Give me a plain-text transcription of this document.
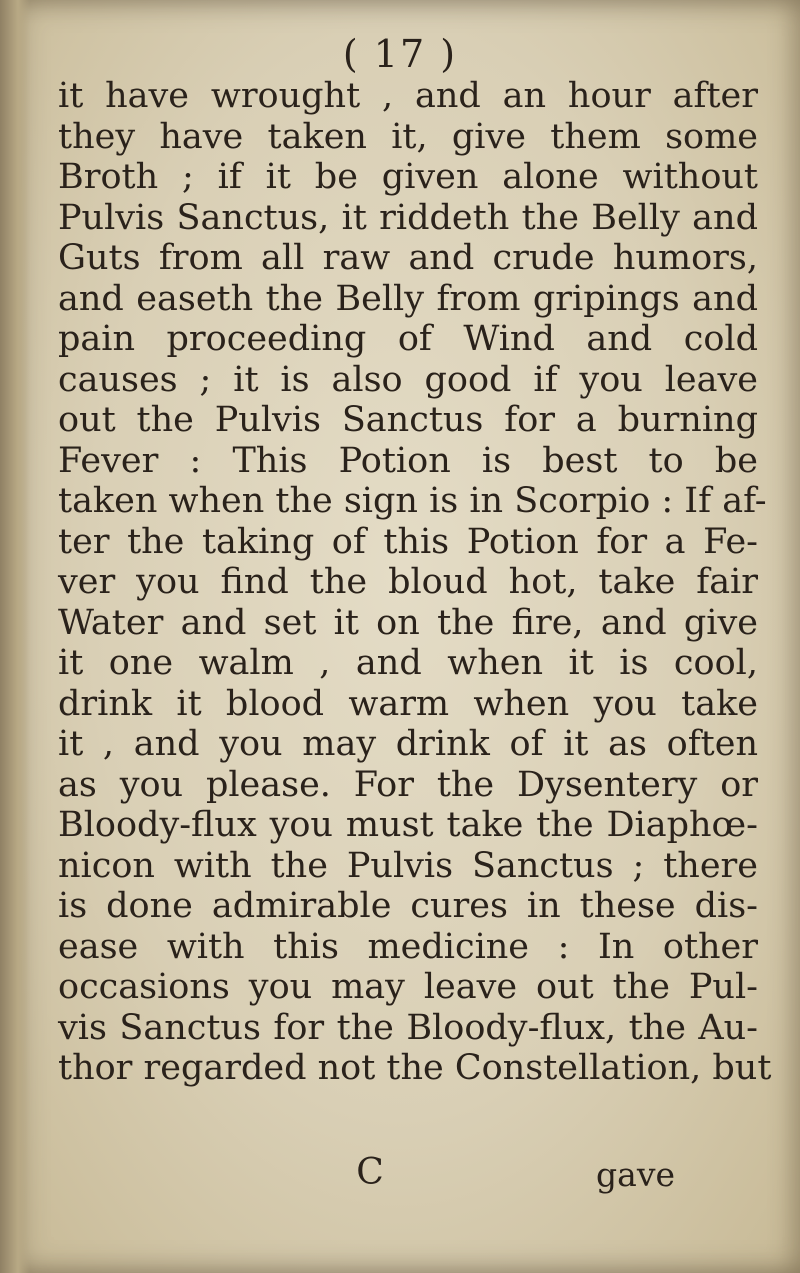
( 17 )
it have wrought , and an hour after
they have taken it, give them some
Broth ; if it be given alone without
Pulvis Sanctus, it riddeth the Belly and
Guts from all raw and crude humors,
and easeth the Belly from gripings and
pain proceeding of Wind and cold
causes ; it is also good if you leave
out the Pulvis Sanctus for a burning
Fever : This Potion is best to be
taken when the sign is in Scorpio : If af-
ter the taking of this Potion for a Fe-
ver you find the bloud hot, take fair
Water and set it on the fire, and give
it one walm , and when it is cool,
drink it blood warm when you take
it , and you may drink of it as often
as you please. For the Dysentery or
Bloody-flux you must take the Diaphœ-
nicon with the Pulvis Sanctus ; there
is done admirable cures in these dis-
ease with this medicine : In other
occasions you may leave out the Pul-
vis Sanctus for the Bloody-flux, the Au-
thor regarded not the Constellation, but
C	gave
